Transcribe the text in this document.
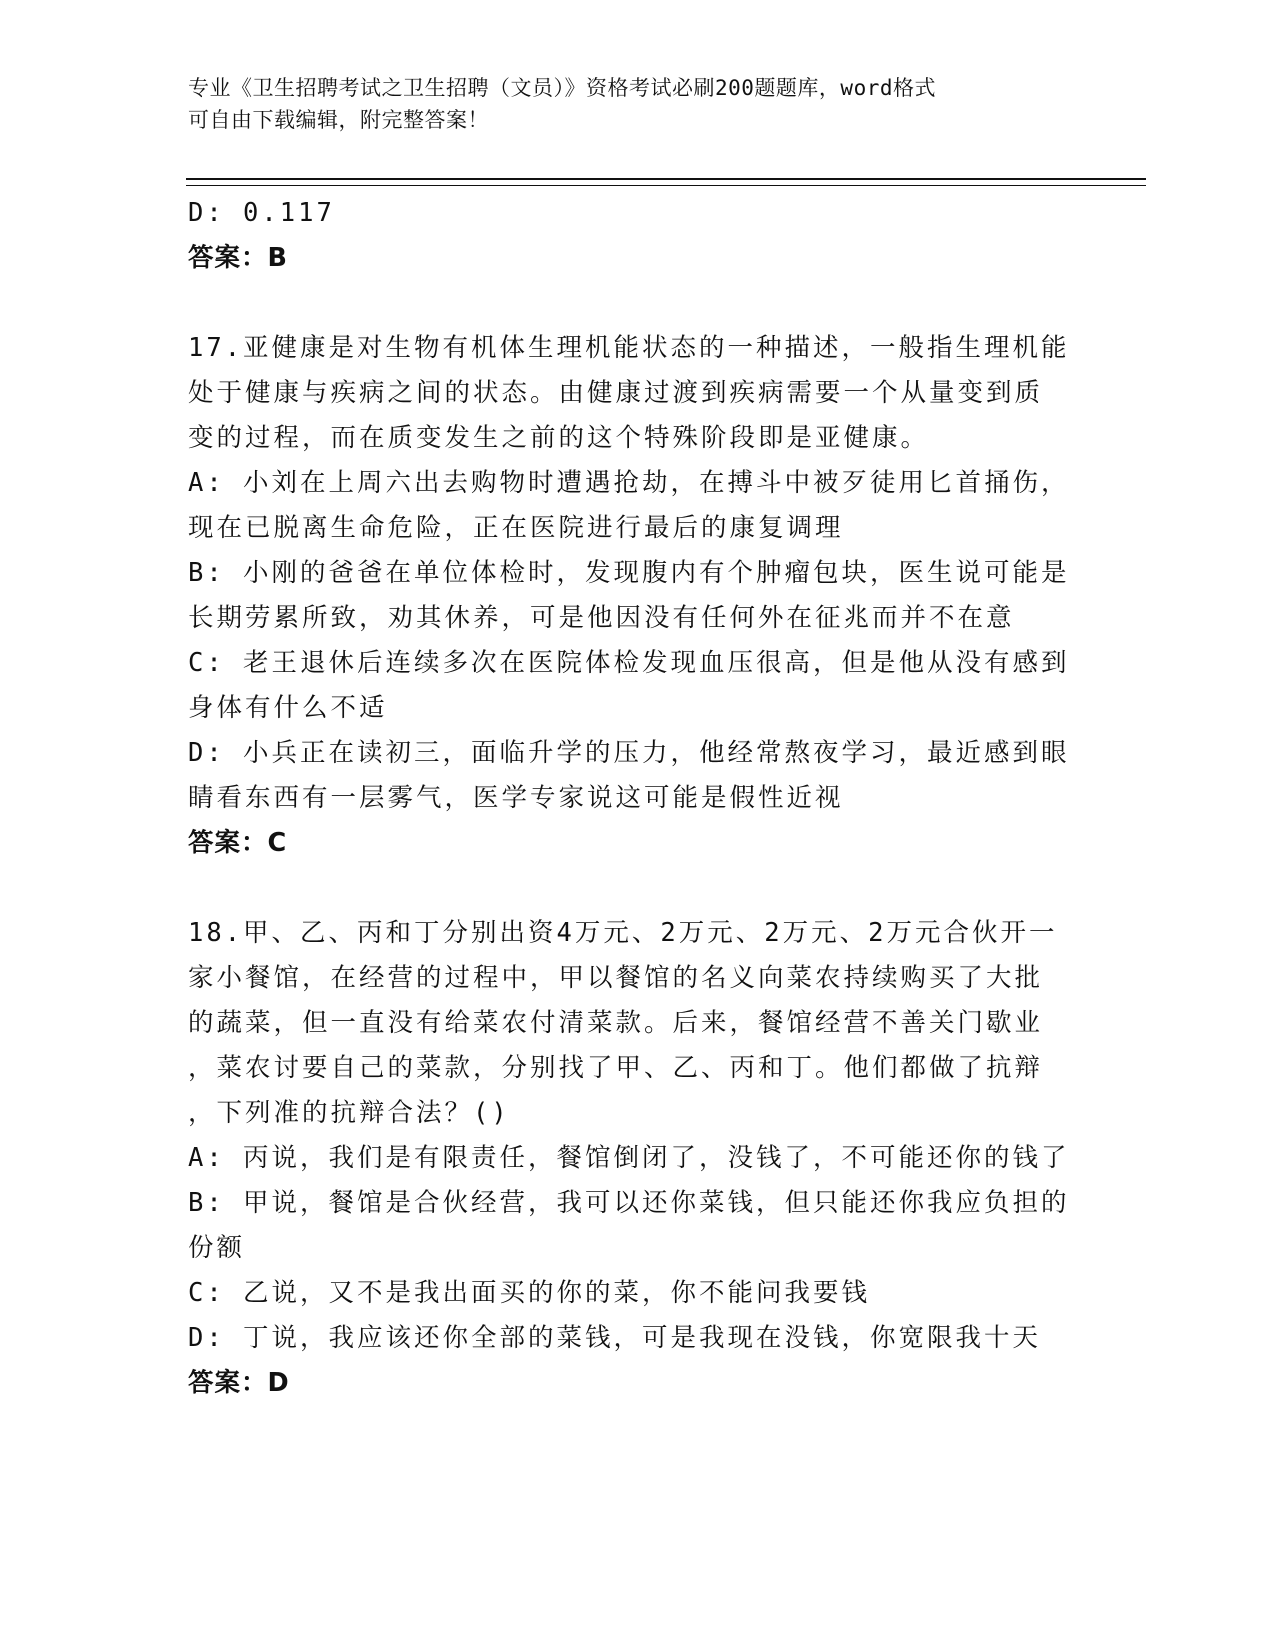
专业《卫生招聘考试之卫生招聘（文员）》资格考试必刷200题题库，word格式
可自由下载编辑，附完整答案！
D: 0.117
答案：B
17.亚健康是对生物有机体生理机能状态的一种描述，一般指生理机能
处于健康与疾病之间的状态。由健康过渡到疾病需要一个从量变到质
变的过程，而在质变发生之前的这个特殊阶段即是亚健康。
A: 小刘在上周六出去购物时遭遇抢劫，在搏斗中被歹徒用匕首捅伤，
现在已脱离生命危险，正在医院进行最后的康复调理
B: 小刚的爸爸在单位体检时，发现腹内有个肿瘤包块，医生说可能是
长期劳累所致，劝其休养，可是他因没有任何外在征兆而并不在意
C: 老王退休后连续多次在医院体检发现血压很高，但是他从没有感到
身体有什么不适
D: 小兵正在读初三，面临升学的压力，他经常熬夜学习，最近感到眼
睛看东西有一层雾气，医学专家说这可能是假性近视
答案：C
18.甲、乙、丙和丁分别出资4万元、2万元、2万元、2万元合伙开一
家小餐馆，在经营的过程中，甲以餐馆的名义向菜农持续购买了大批
的蔬菜，但一直没有给菜农付清菜款。后来，餐馆经营不善关门歇业
，菜农讨要自己的菜款，分别找了甲、乙、丙和丁。他们都做了抗辩
，下列准的抗辩合法？()
A: 丙说，我们是有限责任，餐馆倒闭了，没钱了，不可能还你的钱了
B: 甲说，餐馆是合伙经营，我可以还你菜钱，但只能还你我应负担的
份额
C: 乙说，又不是我出面买的你的菜，你不能问我要钱
D: 丁说，我应该还你全部的菜钱，可是我现在没钱，你宽限我十天
答案：D
